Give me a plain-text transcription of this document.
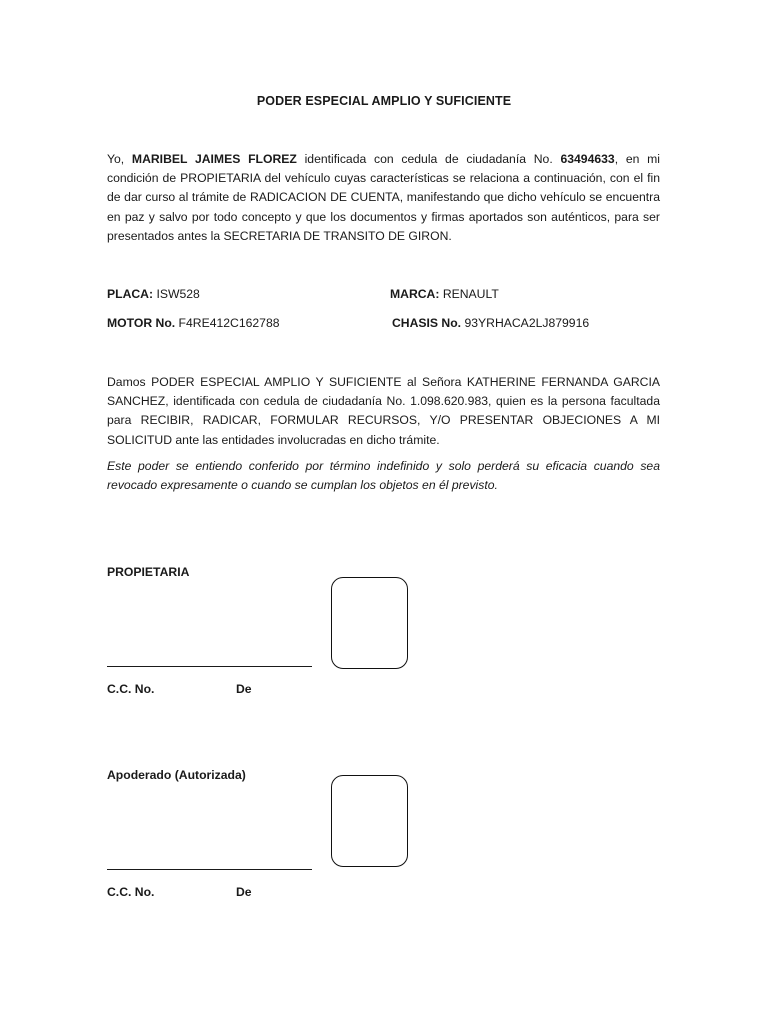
PODER ESPECIAL AMPLIO Y SUFICIENTE
Yo, MARIBEL JAIMES FLOREZ identificada con cedula de ciudadanía No. 63494633, en mi condición de PROPIETARIA del vehículo cuyas características se relaciona a continuación, con el fin de dar curso al trámite de RADICACION DE CUENTA, manifestando que dicho vehículo se encuentra en paz y salvo por todo concepto y que los documentos y firmas aportados son auténticos, para ser presentados antes la SECRETARIA DE TRANSITO DE GIRON.
PLACA: ISW528	MARCA: RENAULT
MOTOR No. F4RE412C162788	CHASIS No. 93YRHACA2LJ879916
Damos PODER ESPECIAL AMPLIO Y SUFICIENTE al Señora KATHERINE FERNANDA GARCIA SANCHEZ, identificada con cedula de ciudadanía No. 1.098.620.983, quien es la persona facultada para RECIBIR, RADICAR, FORMULAR RECURSOS, Y/O PRESENTAR OBJECIONES A MI SOLICITUD ante las entidades involucradas en dicho trámite.
Este poder se entiendo conferido por término indefinido y solo perderá su eficacia cuando sea revocado expresamente o cuando se cumplan los objetos en él previsto.
PROPIETARIA
C.C. No.	De
Apoderado (Autorizada)
C.C. No.	De
